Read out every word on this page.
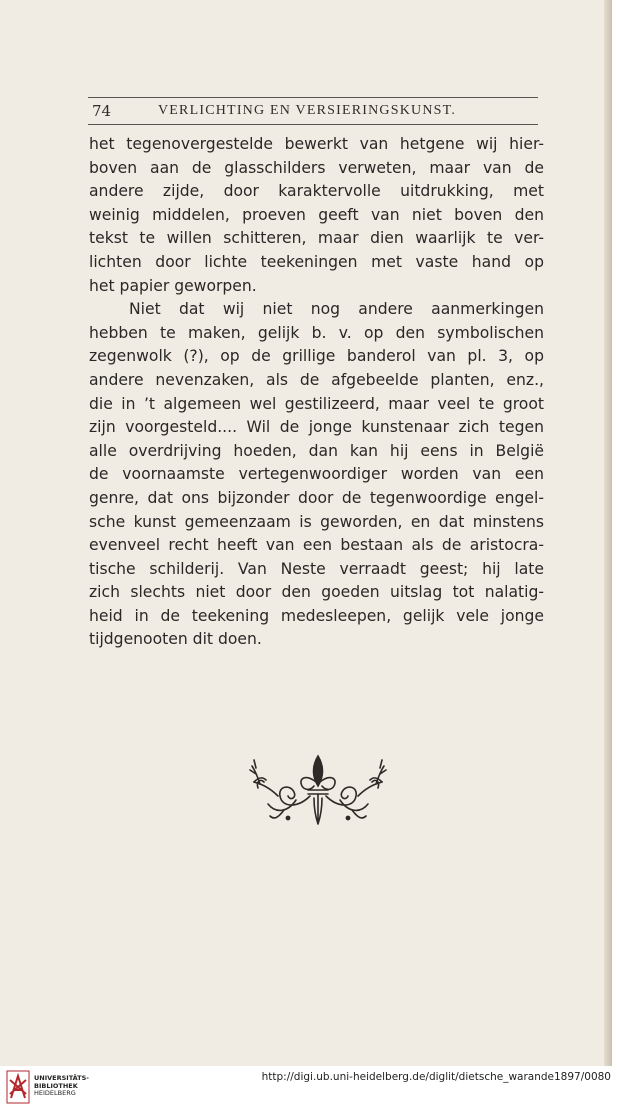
74	VERLICHTING EN VERSIERINGSKUNST.
het tegenovergestelde bewerkt van hetgene wij hier-
boven aan de glasschilders verweten, maar van de
andere zijde, door karaktervolle uitdrukking, met
weinig middelen, proeven geeft van niet boven den
tekst te willen schitteren, maar dien waarlijk te ver-
lichten door lichte teekeningen met vaste hand op
het papier geworpen.
Niet dat wij niet nog andere aanmerkingen
hebben te maken, gelijk b. v. op den symbolischen
zegenwolk (?), op de grillige banderol van pl. 3, op
andere nevenzaken, als de afgebeelde planten, enz.,
die in ’t algemeen wel gestilizeerd, maar veel te groot
zijn voorgesteld.... Wil de jonge kunstenaar zich tegen
alle overdrijving hoeden, dan kan hij eens in België
de voornaamste vertegenwoordiger worden van een
genre, dat ons bijzonder door de tegenwoordige engel-
sche kunst gemeenzaam is geworden, en dat minstens
evenveel recht heeft van een bestaan als de aristocra-
tische schilderij. Van Neste verraadt geest; hij late
zich slechts niet door den goeden uitslag tot nalatig-
heid in de teekening medesleepen, gelijk vele jonge
tijdgenooten dit doen.
UNIVERSITÄTS-
BIBLIOTHEK
HEIDELBERG
http://digi.ub.uni-heidelberg.de/diglit/dietsche_warande1897/0080
